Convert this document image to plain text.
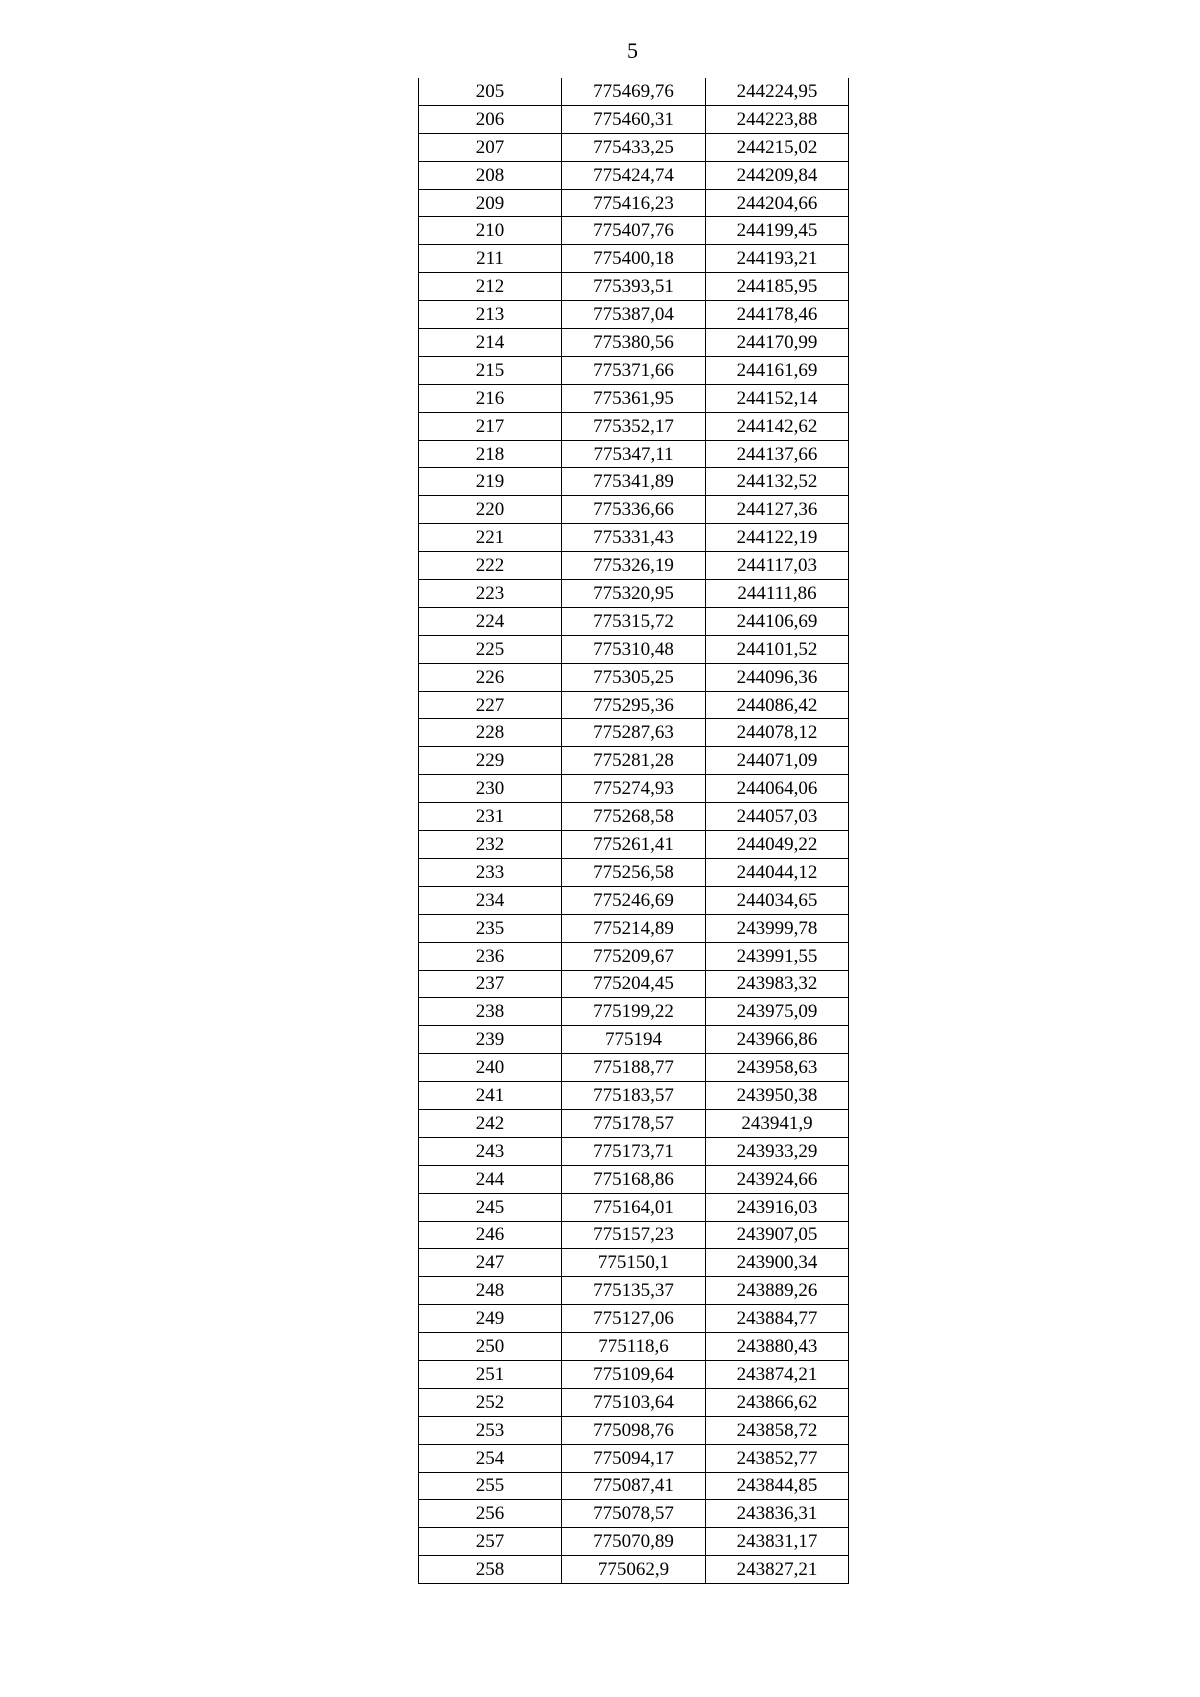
5
205	775469,76	244224,95
206	775460,31	244223,88
207	775433,25	244215,02
208	775424,74	244209,84
209	775416,23	244204,66
210	775407,76	244199,45
211	775400,18	244193,21
212	775393,51	244185,95
213	775387,04	244178,46
214	775380,56	244170,99
215	775371,66	244161,69
216	775361,95	244152,14
217	775352,17	244142,62
218	775347,11	244137,66
219	775341,89	244132,52
220	775336,66	244127,36
221	775331,43	244122,19
222	775326,19	244117,03
223	775320,95	244111,86
224	775315,72	244106,69
225	775310,48	244101,52
226	775305,25	244096,36
227	775295,36	244086,42
228	775287,63	244078,12
229	775281,28	244071,09
230	775274,93	244064,06
231	775268,58	244057,03
232	775261,41	244049,22
233	775256,58	244044,12
234	775246,69	244034,65
235	775214,89	243999,78
236	775209,67	243991,55
237	775204,45	243983,32
238	775199,22	243975,09
239	775194	243966,86
240	775188,77	243958,63
241	775183,57	243950,38
242	775178,57	243941,9
243	775173,71	243933,29
244	775168,86	243924,66
245	775164,01	243916,03
246	775157,23	243907,05
247	775150,1	243900,34
248	775135,37	243889,26
249	775127,06	243884,77
250	775118,6	243880,43
251	775109,64	243874,21
252	775103,64	243866,62
253	775098,76	243858,72
254	775094,17	243852,77
255	775087,41	243844,85
256	775078,57	243836,31
257	775070,89	243831,17
258	775062,9	243827,21
